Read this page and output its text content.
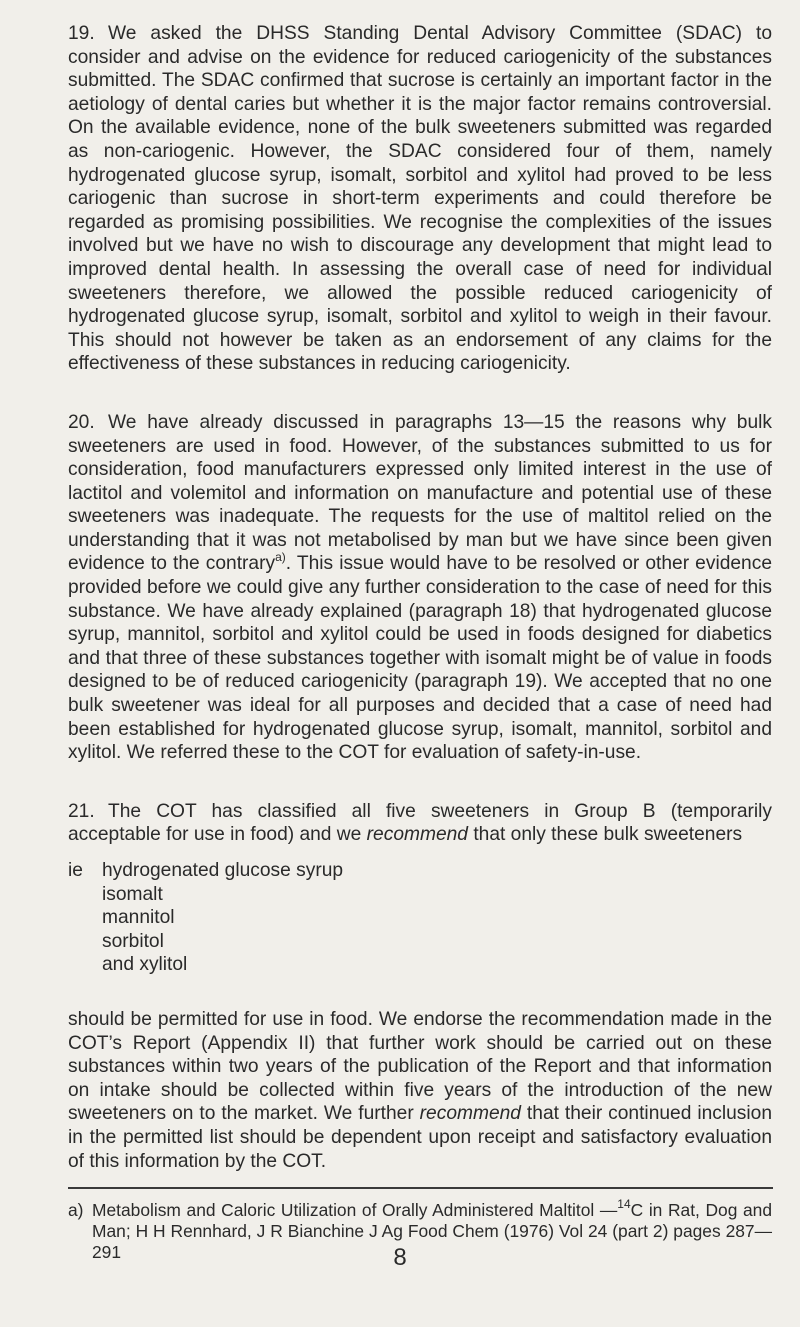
19. We asked the DHSS Standing Dental Advisory Committee (SDAC) to consider and advise on the evidence for reduced cariogenicity of the substances submitted. The SDAC confirmed that sucrose is certainly an important factor in the aetiology of dental caries but whether it is the major factor remains controversial. On the available evidence, none of the bulk sweeteners submitted was regarded as non-cariogenic. However, the SDAC considered four of them, namely hydrogenated glucose syrup, isomalt, sorbitol and xylitol had proved to be less cariogenic than sucrose in short-term experiments and could therefore be regarded as promising possibilities. We recognise the complexities of the issues involved but we have no wish to discourage any development that might lead to improved dental health. In assessing the overall case of need for individual sweeteners therefore, we allowed the possible reduced cariogenicity of hydrogenated glucose syrup, isomalt, sorbitol and xylitol to weigh in their favour. This should not however be taken as an endorsement of any claims for the effectiveness of these substances in reducing cariogenicity.

20. We have already discussed in paragraphs 13—15 the reasons why bulk sweeteners are used in food. However, of the substances submitted to us for consideration, food manufacturers expressed only limited interest in the use of lactitol and volemitol and information on manufacture and potential use of these sweeteners was inadequate. The requests for the use of maltitol relied on the understanding that it was not metabolised by man but we have since been given evidence to the contrary$^{a)}$. This issue would have to be resolved or other evidence provided before we could give any further consideration to the case of need for this substance. We have already explained (paragraph 18) that hydrogenated glucose syrup, mannitol, sorbitol and xylitol could be used in foods designed for diabetics and that three of these substances together with isomalt might be of value in foods designed to be of reduced cariogenicity (paragraph 19). We accepted that no one bulk sweetener was ideal for all purposes and decided that a case of need had been established for hydrogenated glucose syrup, isomalt, mannitol, sorbitol and xylitol. We referred these to the COT for evaluation of safety-in-use.

21. The COT has classified all five sweeteners in Group B (temporarily acceptable for use in food) and we recommend that only these bulk sweeteners

ie hydrogenated glucose syrup
isomalt
mannitol
sorbitol
and xylitol

should be permitted for use in food. We endorse the recommendation made in the COT’s Report (Appendix II) that further work should be carried out on these substances within two years of the publication of the Report and that information on intake should be collected within five years of the introduction of the new sweeteners on to the market. We further recommend that their continued inclusion in the permitted list should be dependent upon receipt and satisfactory evaluation of this information by the COT.

a) Metabolism and Caloric Utilization of Orally Administered Maltitol —$^{14}$C in Rat, Dog and Man; H H Rennhard, J R Bianchine J Ag Food Chem (1976) Vol 24 (part 2) pages 287—291	8
